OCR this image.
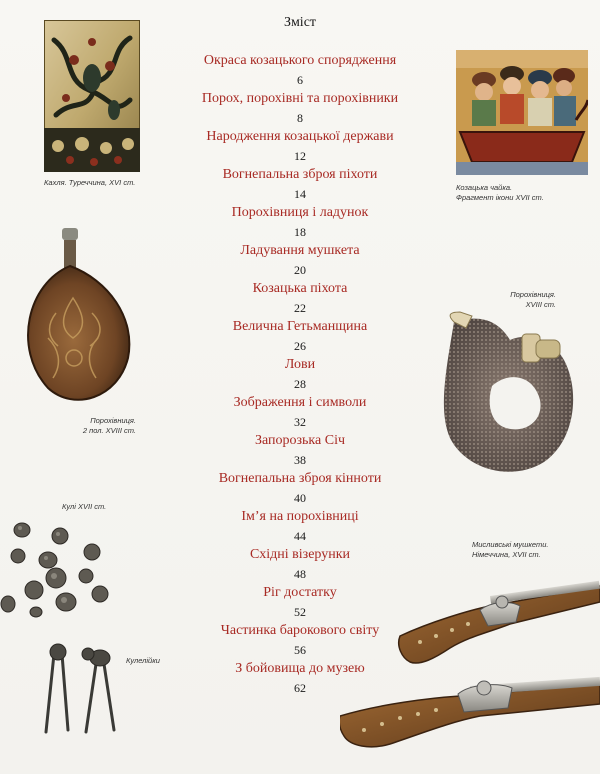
Зміст
Окраса козацького спорядження
6
Порох, порохівні та порохівники
8
Народження козацької держави
12
Вогнепальна зброя піхоти
14
Порохівниця і ладунок
18
Ладування мушкета
20
Козацька піхота
22
Велична Гетьманщина
26
Лови
28
Зображення і символи
32
Запорозька Січ
38
Вогнепальна зброя кінноти
40
Ім’я на порохівниці
44
Східні візерунки
48
Ріг достатку
52
Частинка барокового світу
56
З бойовища до музею
62
Кахля. Туреччина, XVI ст.
Козацька чайка.
Фрагмент ікони XVII ст.
Порохівниця.
2 пол. XVIII ст.
Порохівниця.
XVIII ст.
Кулі XVII ст.
Кулелійки
Мисливські мушкети.
Німеччина, XVII ст.
